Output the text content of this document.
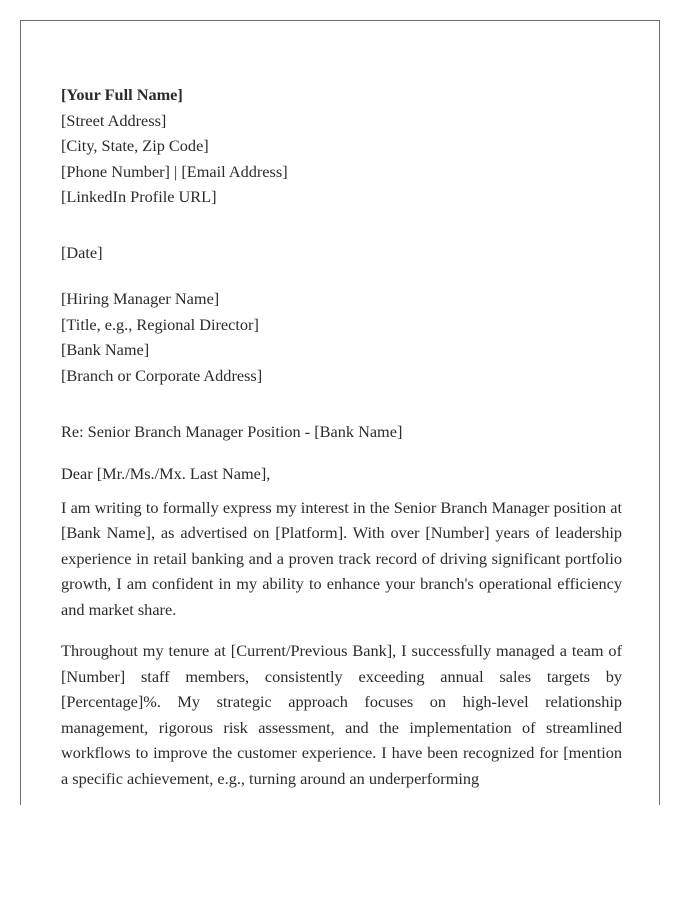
[Your Full Name]
[Street Address]
[City, State, Zip Code]
[Phone Number] | [Email Address]
[LinkedIn Profile URL]
[Date]
[Hiring Manager Name]
[Title, e.g., Regional Director]
[Bank Name]
[Branch or Corporate Address]
Re: Senior Branch Manager Position - [Bank Name]
Dear [Mr./Ms./Mx. Last Name],

I am writing to formally express my interest in the Senior Branch Manager position at [Bank Name], as advertised on [Platform]. With over [Number] years of leadership experience in retail banking and a proven track record of driving significant portfolio growth, I am confident in my ability to enhance your branch's operational efficiency and market share.

Throughout my tenure at [Current/Previous Bank], I successfully managed a team of [Number] staff members, consistently exceeding annual sales targets by [Percentage]%. My strategic approach focuses on high-level relationship management, rigorous risk assessment, and the implementation of streamlined workflows to improve the customer experience. I have been recognized for [mention a specific achievement, e.g., turning around an underperforming
